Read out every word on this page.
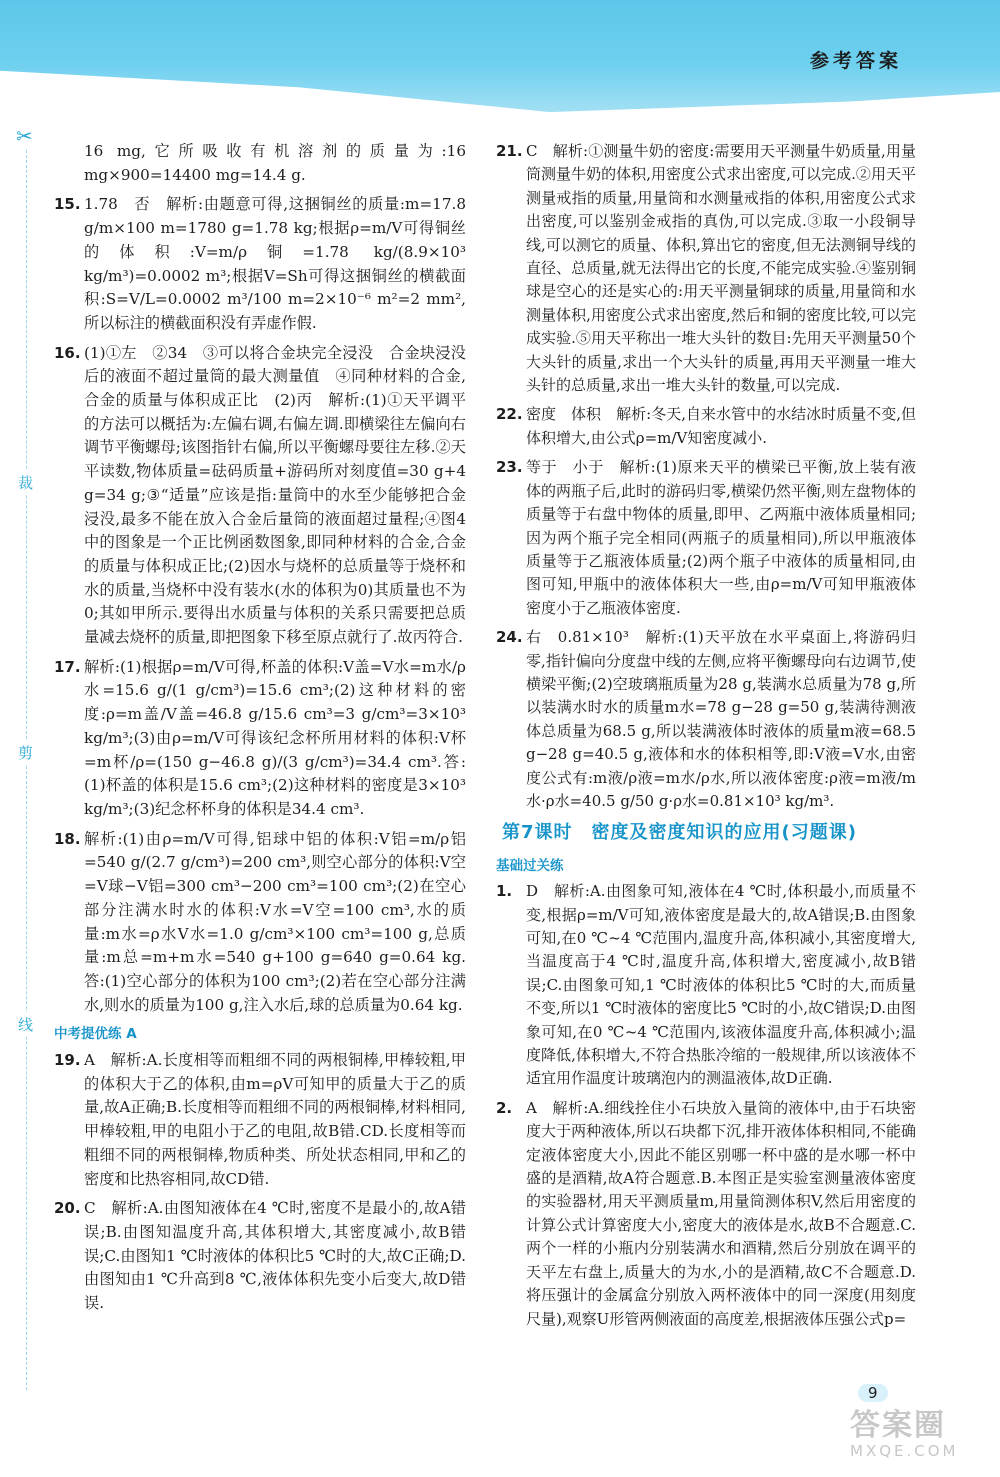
参考答案
✂
裁
剪
线
16 mg,它所吸收有机溶剂的质量为:16 mg×900=14400 mg=14.4 g.
15. 1.78　否　解析:由题意可得,这捆铜丝的质量:m=17.8 g/m×100 m=1780 g=1.78 kg;根据ρ=m/V可得铜丝的体积:V=m/ρ铜=1.78 kg/(8.9×10³ kg/m³)=0.0002 m³;根据V=Sh可得这捆铜丝的横截面积:S=V/L=0.0002 m³/100 m=2×10⁻⁶ m²=2 mm²,所以标注的横截面积没有弄虚作假.
16. (1)①左　②34　③可以将合金块完全浸没　合金块浸没后的液面不超过量筒的最大测量值　④同种材料的合金,合金的质量与体积成正比　(2)丙　解析:(1)①天平调平的方法可以概括为:左偏右调,右偏左调.即横梁往左偏向右调节平衡螺母;该图指针右偏,所以平衡螺母要往左移.②天平读数,物体质量=砝码质量+游码所对刻度值=30 g+4 g=34 g;③“适量”应该是指:量筒中的水至少能够把合金浸没,最多不能在放入合金后量筒的液面超过量程;④图4中的图象是一个正比例函数图象,即同种材料的合金,合金的质量与体积成正比;(2)因水与烧杯的总质量等于烧杯和水的质量,当烧杯中没有装水(水的体积为0)其质量也不为0;其如甲所示.要得出水质量与体积的关系只需要把总质量减去烧杯的质量,即把图象下移至原点就行了.故丙符合.
17. 解析:(1)根据ρ=m/V可得,杯盖的体积:V盖=V水=m水/ρ水=15.6 g/(1 g/cm³)=15.6 cm³;(2)这种材料的密度:ρ=m盖/V盖=46.8 g/15.6 cm³=3 g/cm³=3×10³ kg/m³;(3)由ρ=m/V可得该纪念杯所用材料的体积:V杯=m杯/ρ=(150 g−46.8 g)/(3 g/cm³)=34.4 cm³.答:(1)杯盖的体积是15.6 cm³;(2)这种材料的密度是3×10³ kg/m³;(3)纪念杯杯身的体积是34.4 cm³.
18. 解析:(1)由ρ=m/V可得,铝球中铝的体积:V铝=m/ρ铝=540 g/(2.7 g/cm³)=200 cm³,则空心部分的体积:V空=V球−V铝=300 cm³−200 cm³=100 cm³;(2)在空心部分注满水时水的体积:V水=V空=100 cm³,水的质量:m水=ρ水V水=1.0 g/cm³×100 cm³=100 g,总质量:m总=m+m水=540 g+100 g=640 g=0.64 kg.答:(1)空心部分的体积为100 cm³;(2)若在空心部分注满水,则水的质量为100 g,注入水后,球的总质量为0.64 kg.
中考提优练 A
19. A　解析:A.长度相等而粗细不同的两根铜棒,甲棒较粗,甲的体积大于乙的体积,由m=ρV可知甲的质量大于乙的质量,故A正确;B.长度相等而粗细不同的两根铜棒,材料相同,甲棒较粗,甲的电阻小于乙的电阻,故B错.CD.长度相等而粗细不同的两根铜棒,物质种类、所处状态相同,甲和乙的密度和比热容相同,故CD错.
20. C　解析:A.由图知液体在4 ℃时,密度不是最小的,故A错误;B.由图知温度升高,其体积增大,其密度减小,故B错误;C.由图知1 ℃时液体的体积比5 ℃时的大,故C正确;D.由图知由1 ℃升高到8 ℃,液体体积先变小后变大,故D错误.
21. C　解析:①测量牛奶的密度:需要用天平测量牛奶质量,用量筒测量牛奶的体积,用密度公式求出密度,可以完成.②用天平测量戒指的质量,用量筒和水测量戒指的体积,用密度公式求出密度,可以鉴别金戒指的真伪,可以完成.③取一小段铜导线,可以测它的质量、体积,算出它的密度,但无法测铜导线的直径、总质量,就无法得出它的长度,不能完成实验.④鉴别铜球是空心的还是实心的:用天平测量铜球的质量,用量筒和水测量体积,用密度公式求出密度,然后和铜的密度比较,可以完成实验.⑤用天平称出一堆大头针的数目:先用天平测量50个大头针的质量,求出一个大头针的质量,再用天平测量一堆大头针的总质量,求出一堆大头针的数量,可以完成.
22. 密度　体积　解析:冬天,自来水管中的水结冰时质量不变,但体积增大,由公式ρ=m/V知密度减小.
23. 等于　小于　解析:(1)原来天平的横梁已平衡,放上装有液体的两瓶子后,此时的游码归零,横梁仍然平衡,则左盘物体的质量等于右盘中物体的质量,即甲、乙两瓶中液体质量相同;因为两个瓶子完全相同(两瓶子的质量相同),所以甲瓶液体质量等于乙瓶液体质量;(2)两个瓶子中液体的质量相同,由图可知,甲瓶中的液体体积大一些,由ρ=m/V可知甲瓶液体密度小于乙瓶液体密度.
24. 右　0.81×10³　解析:(1)天平放在水平桌面上,将游码归零,指针偏向分度盘中线的左侧,应将平衡螺母向右边调节,使横梁平衡;(2)空玻璃瓶质量为28 g,装满水总质量为78 g,所以装满水时水的质量m水=78 g−28 g=50 g,装满待测液体总质量为68.5 g,所以装满液体时液体的质量m液=68.5 g−28 g=40.5 g,液体和水的体积相等,即:V液=V水,由密度公式有:m液/ρ液=m水/ρ水,所以液体密度:ρ液=m液/m水·ρ水=40.5 g/50 g·ρ水=0.81×10³ kg/m³.
第7课时　密度及密度知识的应用(习题课)
基础过关练
1. D　解析:A.由图象可知,液体在4 ℃时,体积最小,而质量不变,根据ρ=m/V可知,液体密度是最大的,故A错误;B.由图象可知,在0 ℃~4 ℃范围内,温度升高,体积减小,其密度增大,当温度高于4 ℃时,温度升高,体积增大,密度减小,故B错误;C.由图象可知,1 ℃时液体的体积比5 ℃时的大,而质量不变,所以1 ℃时液体的密度比5 ℃时的小,故C错误;D.由图象可知,在0 ℃~4 ℃范围内,该液体温度升高,体积减小;温度降低,体积增大,不符合热胀冷缩的一般规律,所以该液体不适宜用作温度计玻璃泡内的测温液体,故D正确.
2. A　解析:A.细线拴住小石块放入量筒的液体中,由于石块密度大于两种液体,所以石块都下沉,排开液体体积相同,不能确定液体密度大小,因此不能区别哪一杯中盛的是水哪一杯中盛的是酒精,故A符合题意.B.本图正是实验室测量液体密度的实验器材,用天平测质量m,用量筒测体积V,然后用密度的计算公式计算密度大小,密度大的液体是水,故B不合题意.C.两个一样的小瓶内分别装满水和酒精,然后分别放在调平的天平左右盘上,质量大的为水,小的是酒精,故C不合题意.D.将压强计的金属盒分别放入两杯液体中的同一深度(用刻度尺量),观察U形管两侧液面的高度差,根据液体压强公式p=
9
答案圈
MXQE.COM
